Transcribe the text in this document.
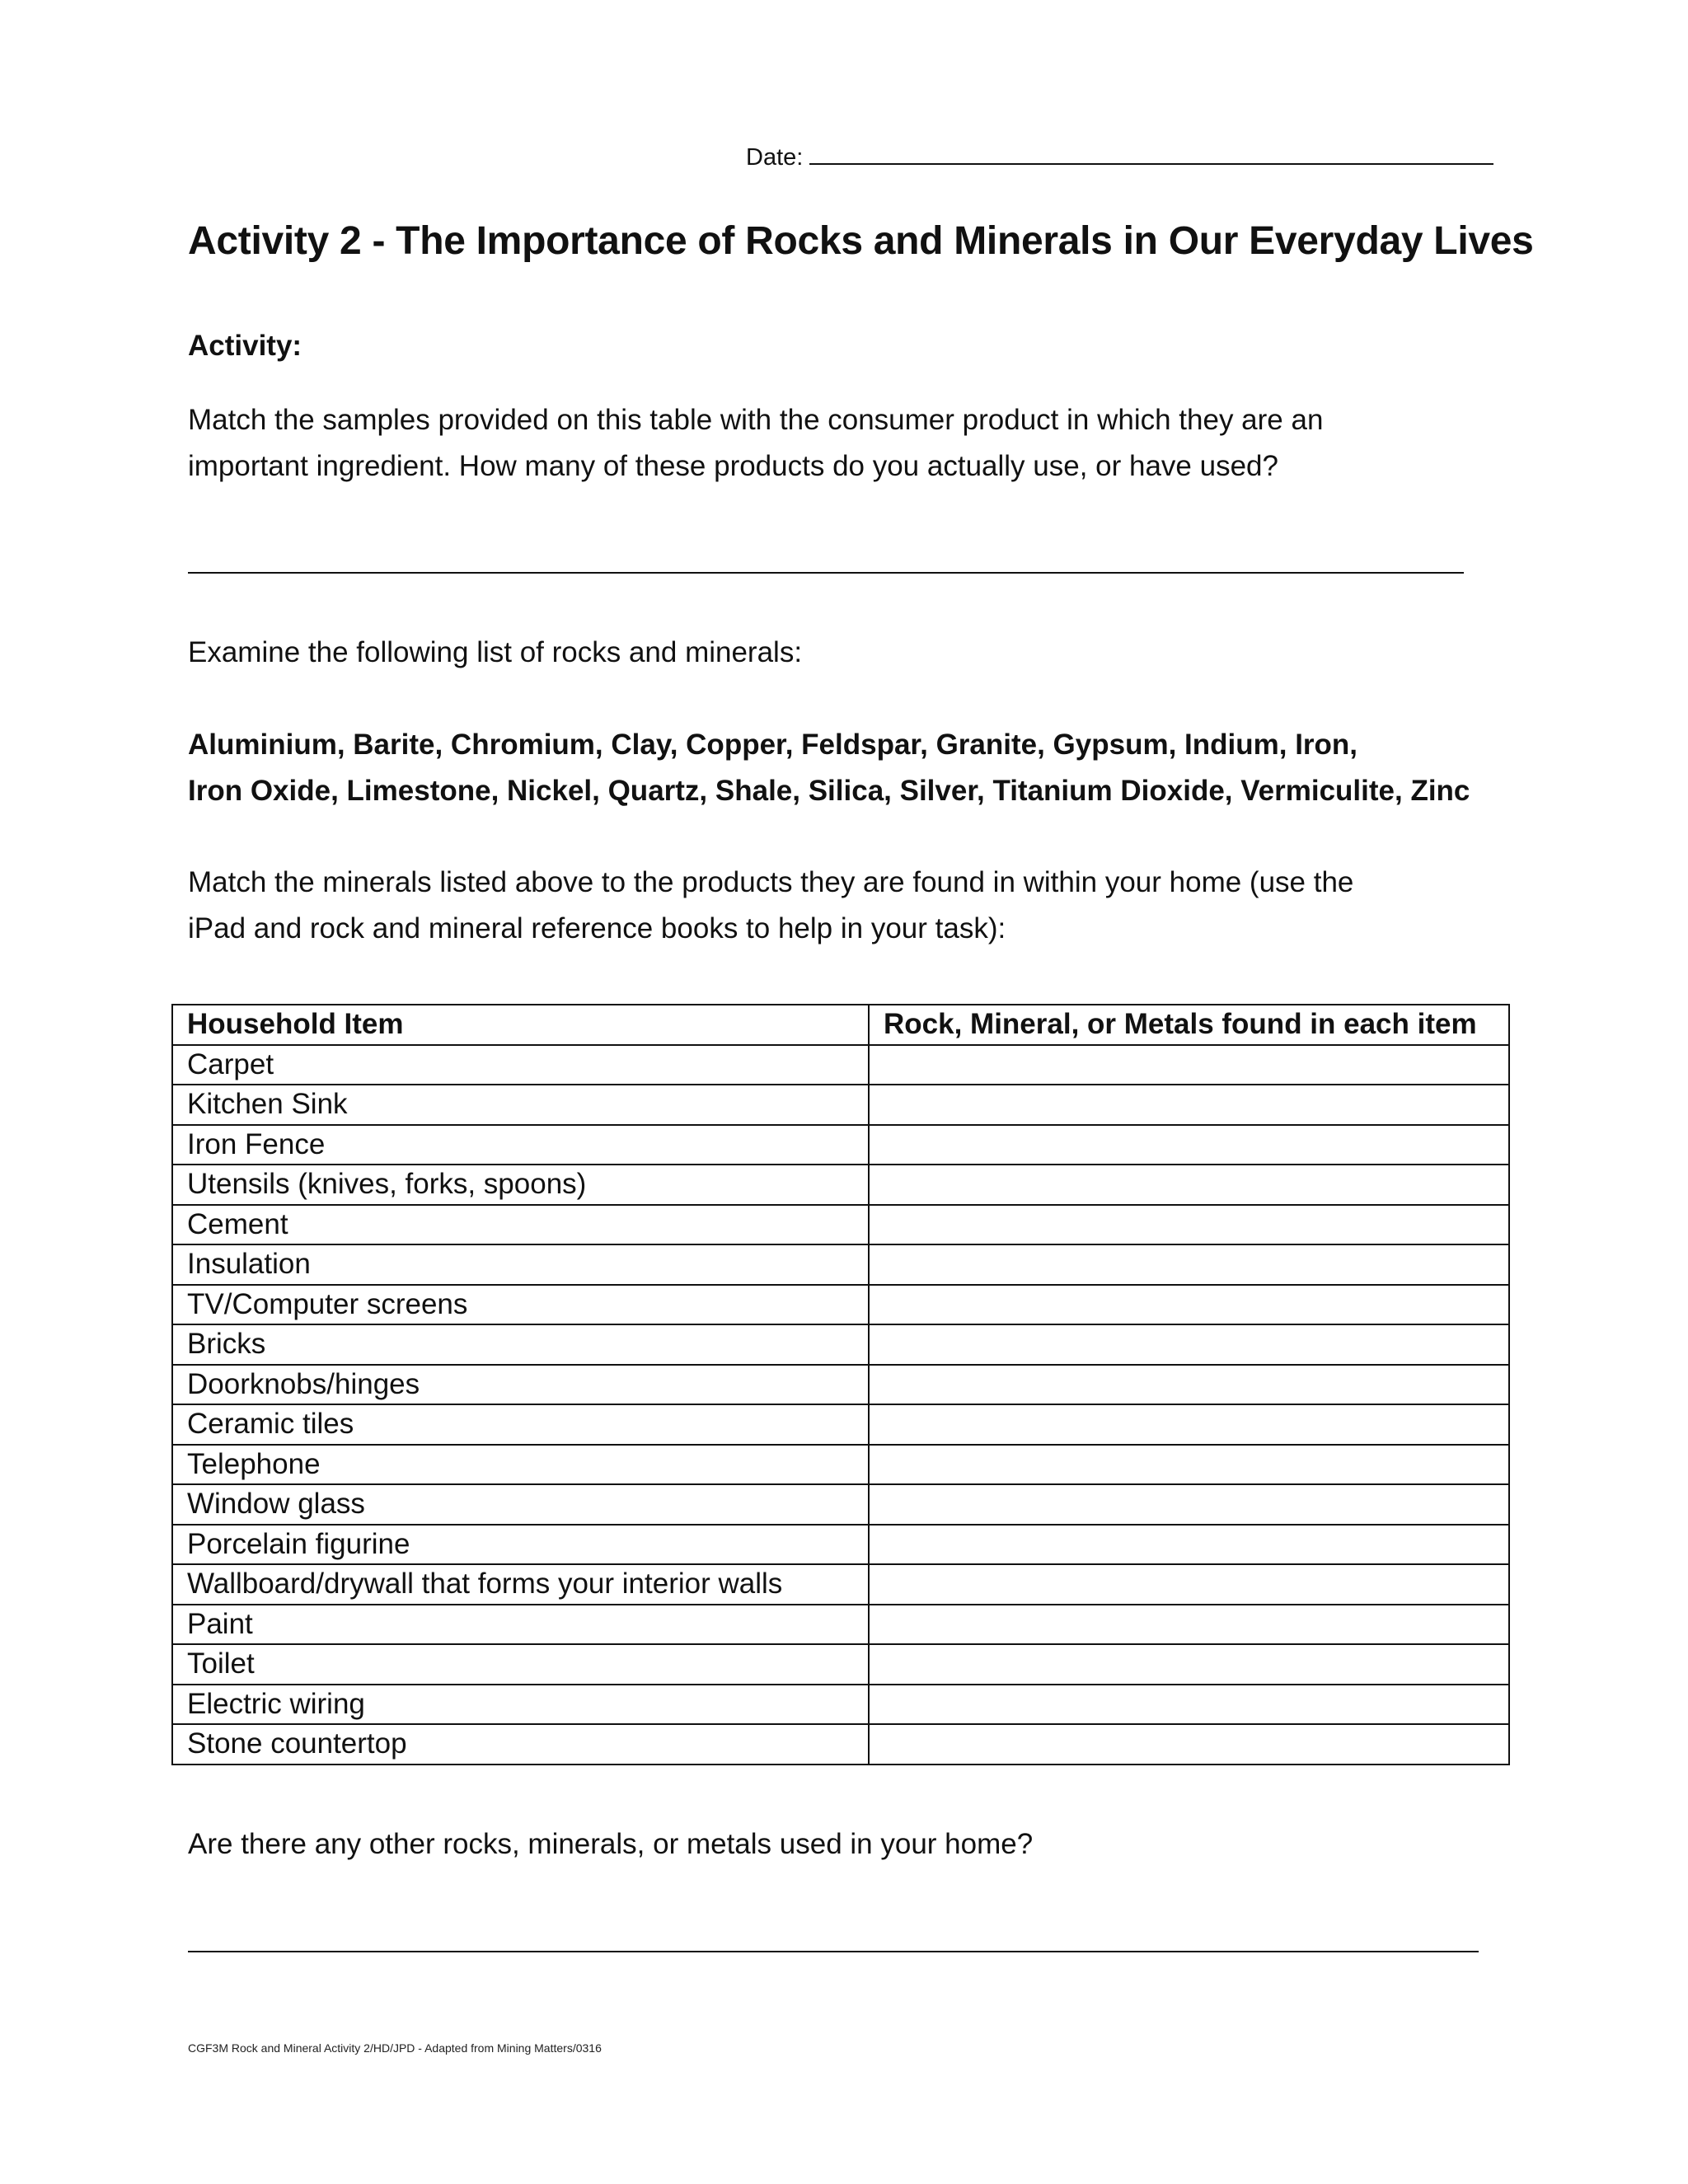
Date:
Activity 2 - The Importance of Rocks and Minerals in Our Everyday Lives
Activity:
Match the samples provided on this table with the consumer product in which they are an
important ingredient. How many of these products do you actually use, or have used?
Examine the following list of rocks and minerals:
Aluminium, Barite, Chromium, Clay, Copper, Feldspar, Granite, Gypsum, Indium, Iron,
Iron Oxide, Limestone, Nickel, Quartz, Shale, Silica, Silver, Titanium Dioxide, Vermiculite, Zinc
Match the minerals listed above to the products they are found in within your home (use the
iPad and rock and mineral reference books to help in your task):
Household Item	Rock, Mineral, or Metals found in each item
Carpet	
Kitchen Sink	
Iron Fence	
Utensils (knives, forks, spoons)	
Cement	
Insulation	
TV/Computer screens	
Bricks	
Doorknobs/hinges	
Ceramic tiles	
Telephone	
Window glass	
Porcelain figurine	
Wallboard/drywall that forms your interior walls	
Paint	
Toilet	
Electric wiring	
Stone countertop	
Are there any other rocks, minerals, or metals used in your home?
CGF3M Rock and Mineral Activity 2/HD/JPD - Adapted from Mining Matters/0316
